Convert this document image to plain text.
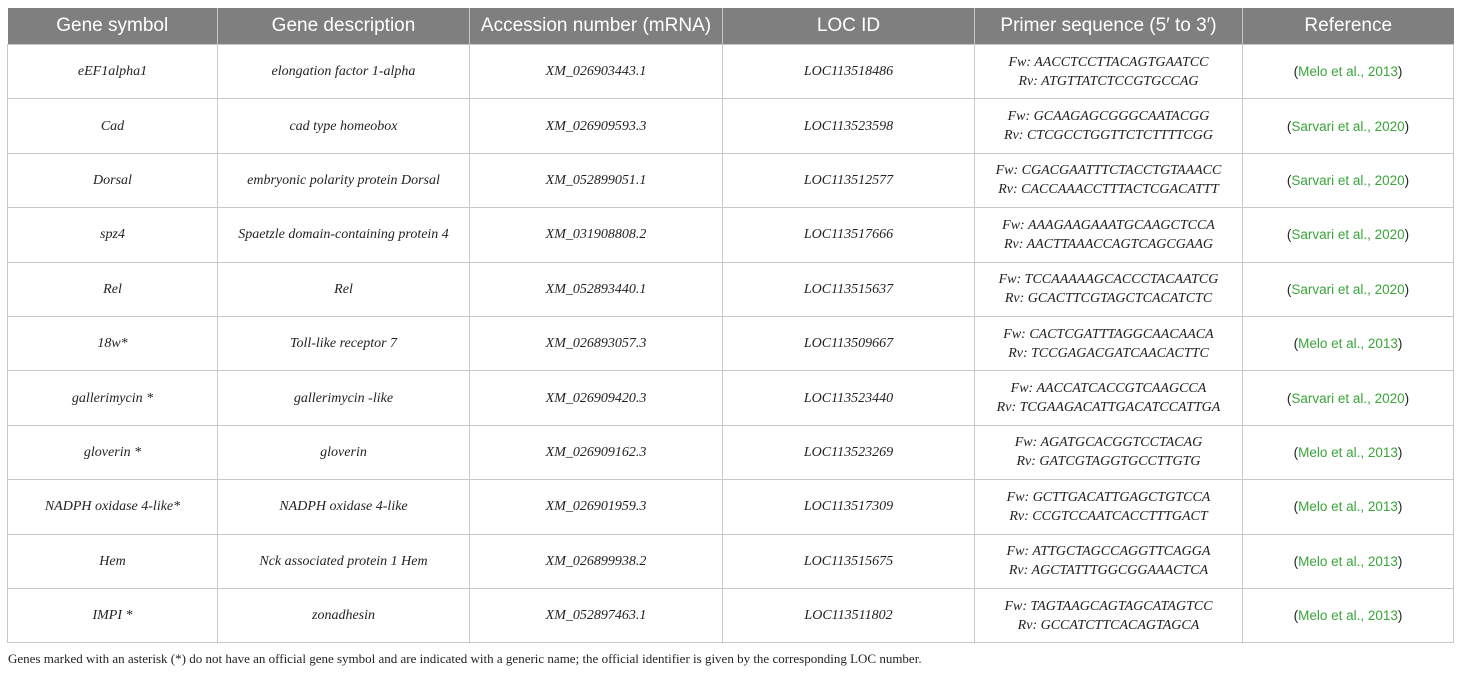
Gene symbol	Gene description	Accession number (mRNA)	LOC ID	Primer sequence (5′ to 3′)	Reference
eEF1alpha1	elongation factor 1-alpha	XM_026903443.1	LOC113518486	Fw: AACCTCCTTACAGTGAATCC
Rv: ATGTTATCTCCGTGCCAG	(Melo et al., 2013)
Cad	cad type homeobox	XM_026909593.3	LOC113523598	Fw: GCAAGAGCGGGCAATACGG
Rv: CTCGCCTGGTTCTCTTTTCGG	(Sarvari et al., 2020)
Dorsal	embryonic polarity protein Dorsal	XM_052899051.1	LOC113512577	Fw: CGACGAATTTCTACCTGTAAACC
Rv: CACCAAACCTTTACTCGACATTT	(Sarvari et al., 2020)
spz4	Spaetzle domain-containing protein 4	XM_031908808.2	LOC113517666	Fw: AAAGAAGAAATGCAAGCTCCA
Rv: AACTTAAACCAGTCAGCGAAG	(Sarvari et al., 2020)
Rel	Rel	XM_052893440.1	LOC113515637	Fw: TCCAAAAAGCACCCTACAATCG
Rv: GCACTTCGTAGCTCACATCTC	(Sarvari et al., 2020)
18w*	Toll-like receptor 7	XM_026893057.3	LOC113509667	Fw: CACTCGATTTAGGCAACAACA
Rv: TCCGAGACGATCAACACTTC	(Melo et al., 2013)
gallerimycin *	gallerimycin -like	XM_026909420.3	LOC113523440	Fw: AACCATCACCGTCAAGCCA
Rv: TCGAAGACATTGACATCCATTGA	(Sarvari et al., 2020)
gloverin *	gloverin	XM_026909162.3	LOC113523269	Fw: AGATGCACGGTCCTACAG
Rv: GATCGTAGGTGCCTTGTG	(Melo et al., 2013)
NADPH oxidase 4-like*	NADPH oxidase 4-like	XM_026901959.3	LOC113517309	Fw: GCTTGACATTGAGCTGTCCA
Rv: CCGTCCAATCACCTTTGACT	(Melo et al., 2013)
Hem	Nck associated protein 1 Hem	XM_026899938.2	LOC113515675	Fw: ATTGCTAGCCAGGTTCAGGA
Rv: AGCTATTTGGCGGAAACTCA	(Melo et al., 2013)
IMPI *	zonadhesin	XM_052897463.1	LOC113511802	Fw: TAGTAAGCAGTAGCATAGTCC
Rv: GCCATCTTCACAGTAGCA	(Melo et al., 2013)
Genes marked with an asterisk (*) do not have an official gene symbol and are indicated with a generic name; the official identifier is given by the corresponding LOC number.
